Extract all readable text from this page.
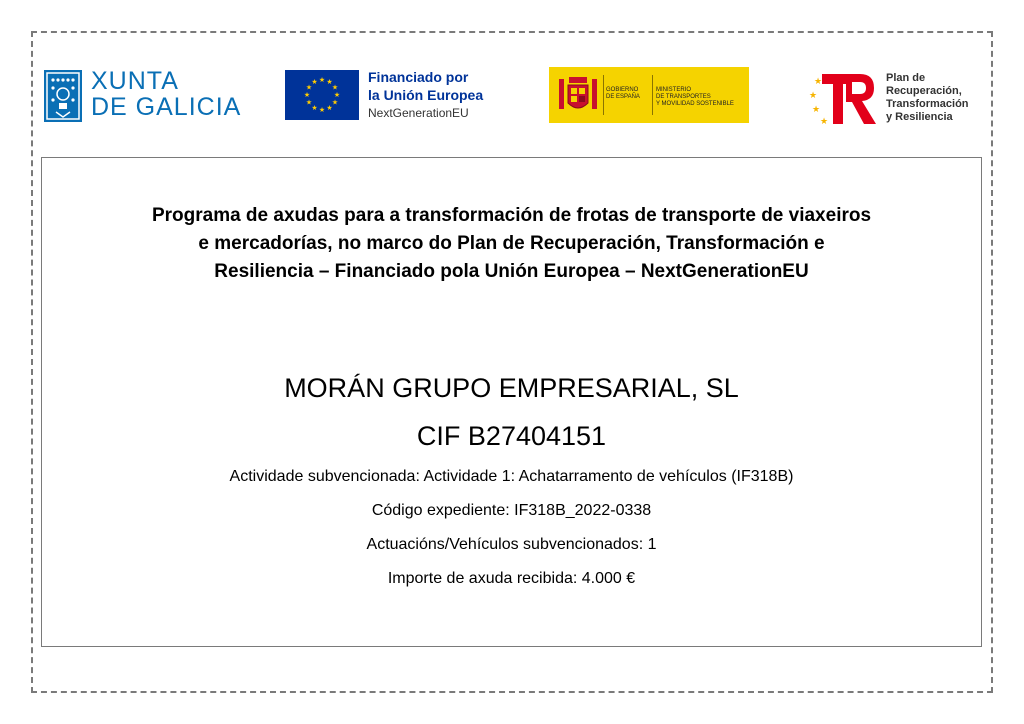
XUNTA
DE GALICIA
★ ★
★
★
★
★
★
★
★
★
★
★	Financiado por
la Unión Europea
NextGenerationEU
GOBIERNO
DE ESPAÑA
MINISTERIO
DE TRANSPORTES
Y MOVILIDAD SOSTENIBLE
★
★
★
★
Plan de
Recuperación,
Transformación
y Resiliencia
Programa de axudas para a transformación de frotas de transporte de viaxeiros
e mercadorías, no marco do Plan de Recuperación, Transformación e
Resiliencia – Financiado pola Unión Europea – NextGenerationEU
MORÁN GRUPO EMPRESARIAL, SL
CIF B27404151
Actividade subvencionada: Actividade 1: Achatarramento de vehículos (IF318B)
Código expediente: IF318B_2022-0338
Actuacións/Vehículos subvencionados: 1
Importe de axuda recibida: 4.000 €
